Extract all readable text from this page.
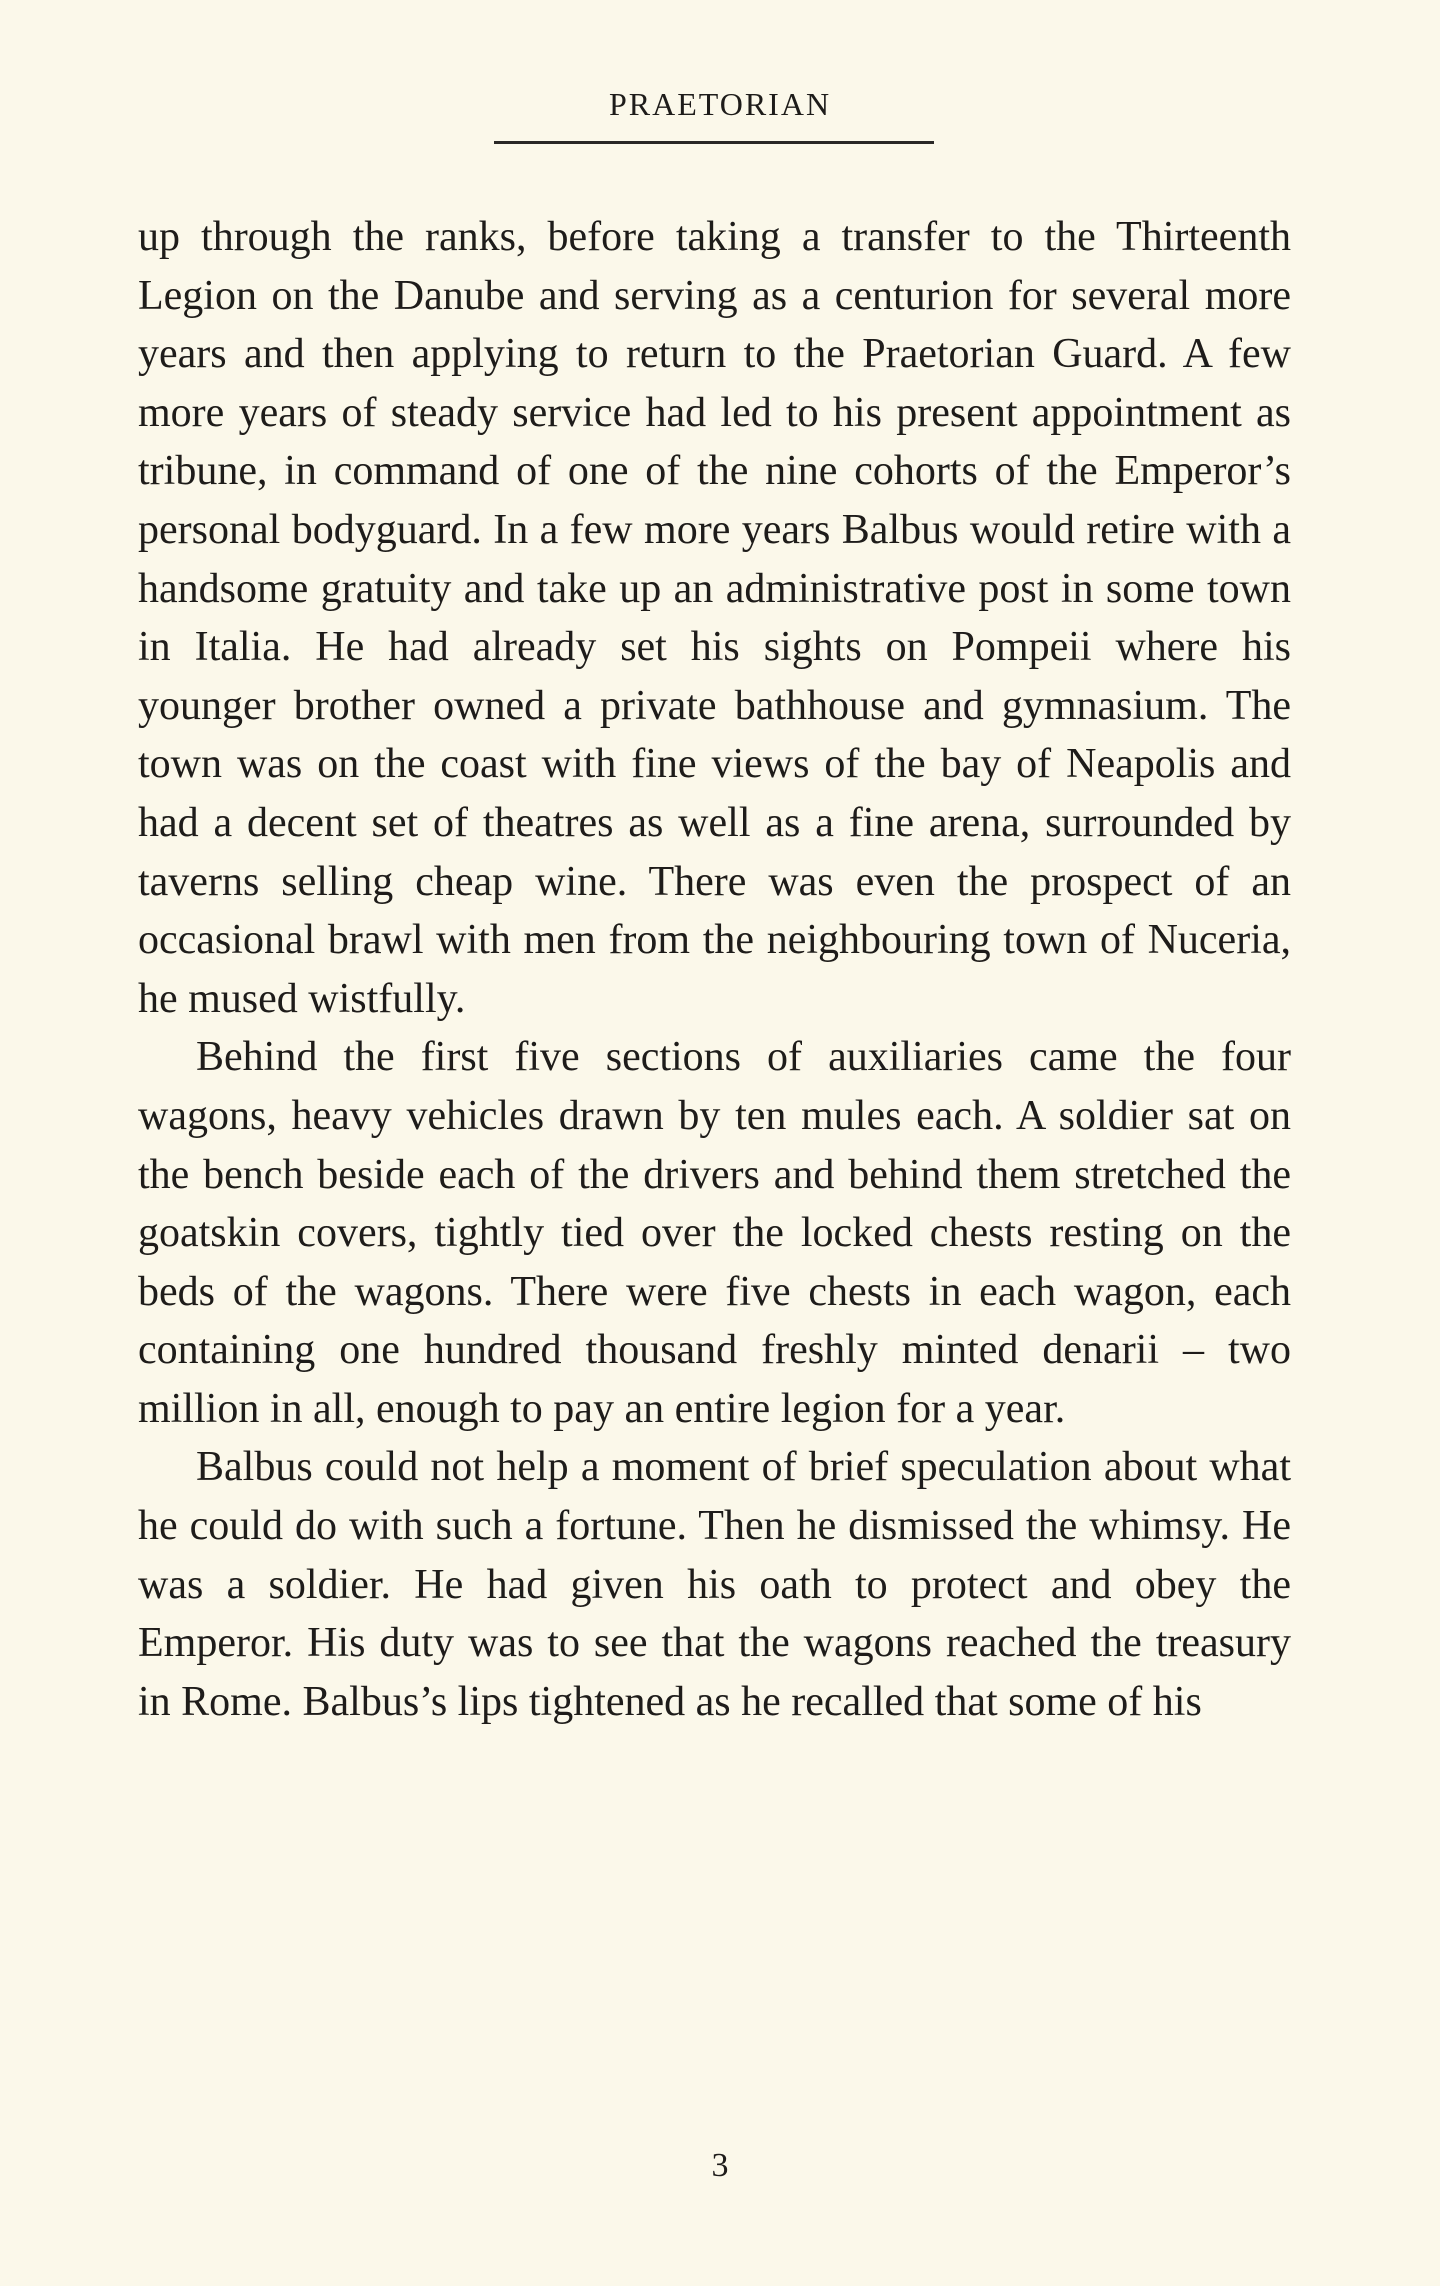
PRAETORIAN

up through the ranks, before taking a transfer to the Thirteenth Legion on the Danube and serving as a centurion for several more years and then applying to return to the Praetorian Guard. A few more years of steady service had led to his present appointment as tribune, in command of one of the nine cohorts of the Emperor’s personal bodyguard. In a few more years Balbus would retire with a handsome gratuity and take up an administrative post in some town in Italia. He had already set his sights on Pompeii where his younger brother owned a private bathhouse and gymnasium. The town was on the coast with fine views of the bay of Neapolis and had a decent set of theatres as well as a fine arena, surrounded by taverns selling cheap wine. There was even the prospect of an occasional brawl with men from the neighbouring town of Nuceria, he mused wistfully.

Behind the first five sections of auxiliaries came the four wagons, heavy vehicles drawn by ten mules each. A soldier sat on the bench beside each of the drivers and behind them stretched the goatskin covers, tightly tied over the locked chests resting on the beds of the wagons. There were five chests in each wagon, each containing one hundred thousand freshly minted denarii – two million in all, enough to pay an entire legion for a year.

Balbus could not help a moment of brief speculation about what he could do with such a fortune. Then he dismissed the whimsy. He was a soldier. He had given his oath to protect and obey the Emperor. His duty was to see that the wagons reached the treasury in Rome. Balbus’s lips tightened as he recalled that some of his

3
